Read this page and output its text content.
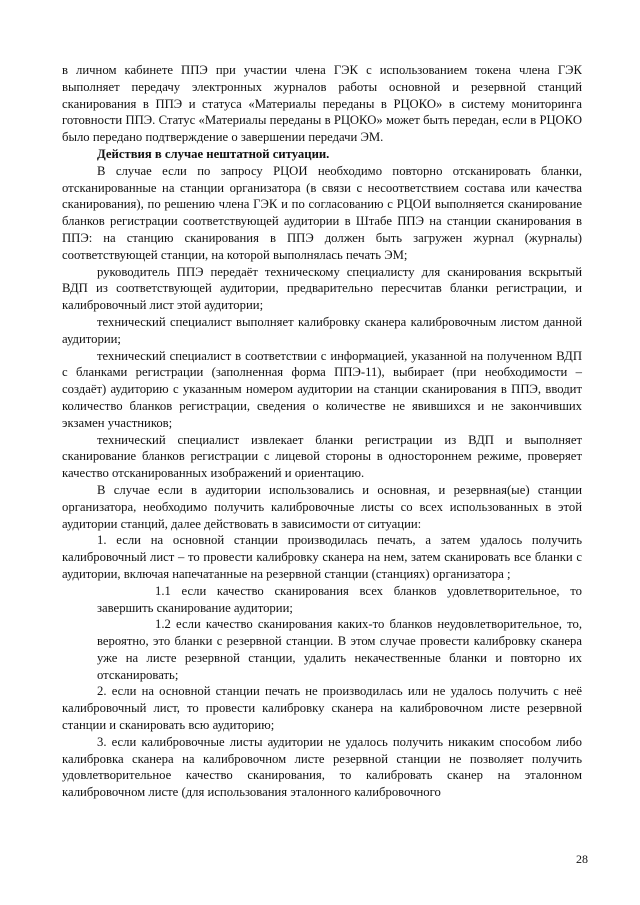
в личном кабинете ППЭ при участии члена ГЭК с использованием токена члена ГЭК выполняет передачу электронных журналов работы основной и резервной станций сканирования в ППЭ и статуса «Материалы переданы в РЦОКО» в систему мониторинга готовности ППЭ. Статус «Материалы переданы в РЦОКО» может быть передан, если в РЦОКО было передано подтверждение о завершении передачи ЭМ.

Действия в случае нештатной ситуации.

В случае если по запросу РЦОИ необходимо повторно отсканировать бланки, отсканированные на станции организатора (в связи с несоответствием состава или качества сканирования), по решению члена ГЭК и по согласованию с РЦОИ выполняется сканирование бланков регистрации соответствующей аудитории в Штабе ППЭ на станции сканирования в ППЭ: на станцию сканирования в ППЭ должен быть загружен журнал (журналы) соответствующей станции, на которой выполнялась печать ЭМ;

руководитель ППЭ передаёт техническому специалисту для сканирования вскрытый ВДП из соответствующей аудитории, предварительно пересчитав бланки регистрации, и калибровочный лист этой аудитории;

технический специалист выполняет калибровку сканера калибровочным листом данной аудитории;

технический специалист в соответствии с информацией, указанной на полученном ВДП с бланками регистрации (заполненная форма ППЭ-11), выбирает (при необходимости – создаёт) аудиторию с указанным номером аудитории на станции сканирования в ППЭ, вводит количество бланков регистрации, сведения о количестве не явившихся и не закончивших экзамен участников;

технический специалист извлекает бланки регистрации из ВДП и выполняет сканирование бланков регистрации с лицевой стороны в одностороннем режиме, проверяет качество отсканированных изображений и ориентацию.

В случае если в аудитории использовались и основная, и резервная(ые) станции организатора, необходимо получить калибровочные листы со всех использованных в этой аудитории станций, далее действовать в зависимости от ситуации:

1. если на основной станции производилась печать, а затем удалось получить калибровочный лист – то провести калибровку сканера на нем, затем сканировать все бланки с аудитории, включая напечатанные на резервной станции (станциях) организатора ;

1.1 если качество сканирования всех бланков удовлетворительное, то завершить сканирование аудитории;

1.2 если качество сканирования каких-то бланков неудовлетворительное, то, вероятно, это бланки с резервной станции. В этом случае провести калибровку сканера уже на листе резервной станции, удалить некачественные бланки и повторно их отсканировать;

2. если на основной станции печать не производилась или не удалось получить с неё калибровочный лист, то провести калибровку сканера на калибровочном листе резервной станции и сканировать всю аудиторию;

3. если калибровочные листы аудитории не удалось получить никаким способом либо калибровка сканера на калибровочном листе резервной станции не позволяет получить удовлетворительное качество сканирования, то калибровать сканер на эталонном калибровочном листе (для использования эталонного калибровочного

28
